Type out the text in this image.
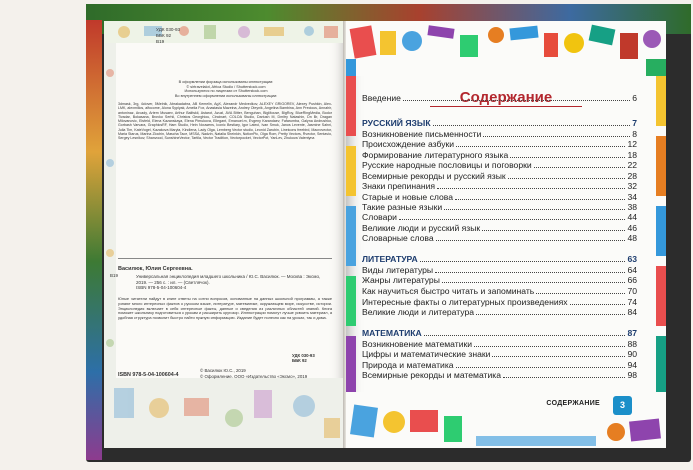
УДК 030-93
ББК 92
В19
В оформлении форзаца использованы иллюстрации:
© sirtravelalot, Africa Studio / Shutterstock.com
Используются по лицензии от Shutterstock.com
Во внутреннем оформлении использованы иллюстрации:
3dmask, 3rg, 4clover, 5Melnik, Abrakadabra, AB Kemelin, AgX, Alexandr Medvedkov, ALEXEY GRIGOREV, Alexey Pushkin, Alex-LMK, alexmillos, alfocome, Alona Syplyak, Amelia Fox, Anastasia Mazeina, Andrey Oleynik, Angelina Bambina, Ann Precious, Annahir, antoninaz, Arcady, Artem Musaev, Arthur Balitskii, Astarot, Azuzl, AVA Bitter, Benguhan, BigMouse, BigRoy, BlueRingMedia, Bodor Tivadar, Bokasana, Brovko Serhii, Christos Georghiou, Cincinart, COLOA Studio, Dariush M, Dmitry Natashin, Dn Br, Dragan Milovanovic, Eisfeld, Elena Kazanskaya, Elena Pimukova, Ellegant, Emanuel.m, Evgeny Karandaev, Fafarumba, Galyna Andrushko, Gorbash Varvara, GraphicsRF, Ham Studio, Hein Nouwens, Iconic Bestiary, Igor Lateci, Ivan Smuk, Janos Levente, Jasmine Sahni, Julia Tim, KateVogel, Kazakova Maryia, Kindlena, Lady Olga, Lemberg Vector studio, Leonid Zarubin, Lineicons freebird, Macrovector, Maria Starus, Marina Zlochin, Mascha Tace, MSSA, Nadzin, Natalia Sheinkin, NotionPic, Olga Rom, Pretty Vectors, Rvector, Sentavio, Sergey Lesnikov, Shanvood, SunshineVector, Tartila, Vector Tradition, Vectorpocket, VectorPot, YanLev, Zhukova Valentyna
Василюк, Юлия Сергеевна.
В19	Универсальная энциклопедия младшего школьника / Ю.С. Василюк. — Москва : Эксмо, 2019. — 256 с. : ил. — (Светлячок).
ISBN 978-5-04-100604-4
Юные читатели найдут в книге ответы на сотни вопросов, основанные на данных школьной программы, а также узнают много интересных фактов о русском языке, литературе, математике, окружающем мире, искусстве, истории. Энциклопедия включает в себя интересные факты, данные и сведения из различных областей знаний. Книга поможет школьнику подготовиться к урокам и расширить кругозор. Иллюстрации помогут лучше усвоить материал, а удобная структура позволит быстро найти нужную информацию. Издание будет полезно как на уроках, так и дома.
УДК 030-93
ББК 92
ISBN 978-5-04-100604-4
© Василюк Ю.С., 2019
© Оформление. ООО «Издательство «Эксмо», 2019
Содержание
Введение	6
РУССКИЙ ЯЗЫК	7
Возникновение письменности	8
Происхождение азбуки	12
Формирование литературного языка	18
Русские народные пословицы и поговорки	22
Всемирные рекорды и русский язык	28
Знаки препинания	32
Старые и новые слова	34
Такие разные языки	38
Словари	44
Великие люди и русский язык	46
Словарные слова	48
ЛИТЕРАТУРА	63
Виды литературы	64
Жанры литературы	66
Как научиться быстро читать и запоминать	70
Интересные факты о литературных произведениях	74
Великие люди и литература	84
МАТЕМАТИКА	87
Возникновение математики	88
Цифры и математические знаки	90
Природа и математика	94
Всемирные рекорды и математика	98
СОДЕРЖАНИЕ	3
